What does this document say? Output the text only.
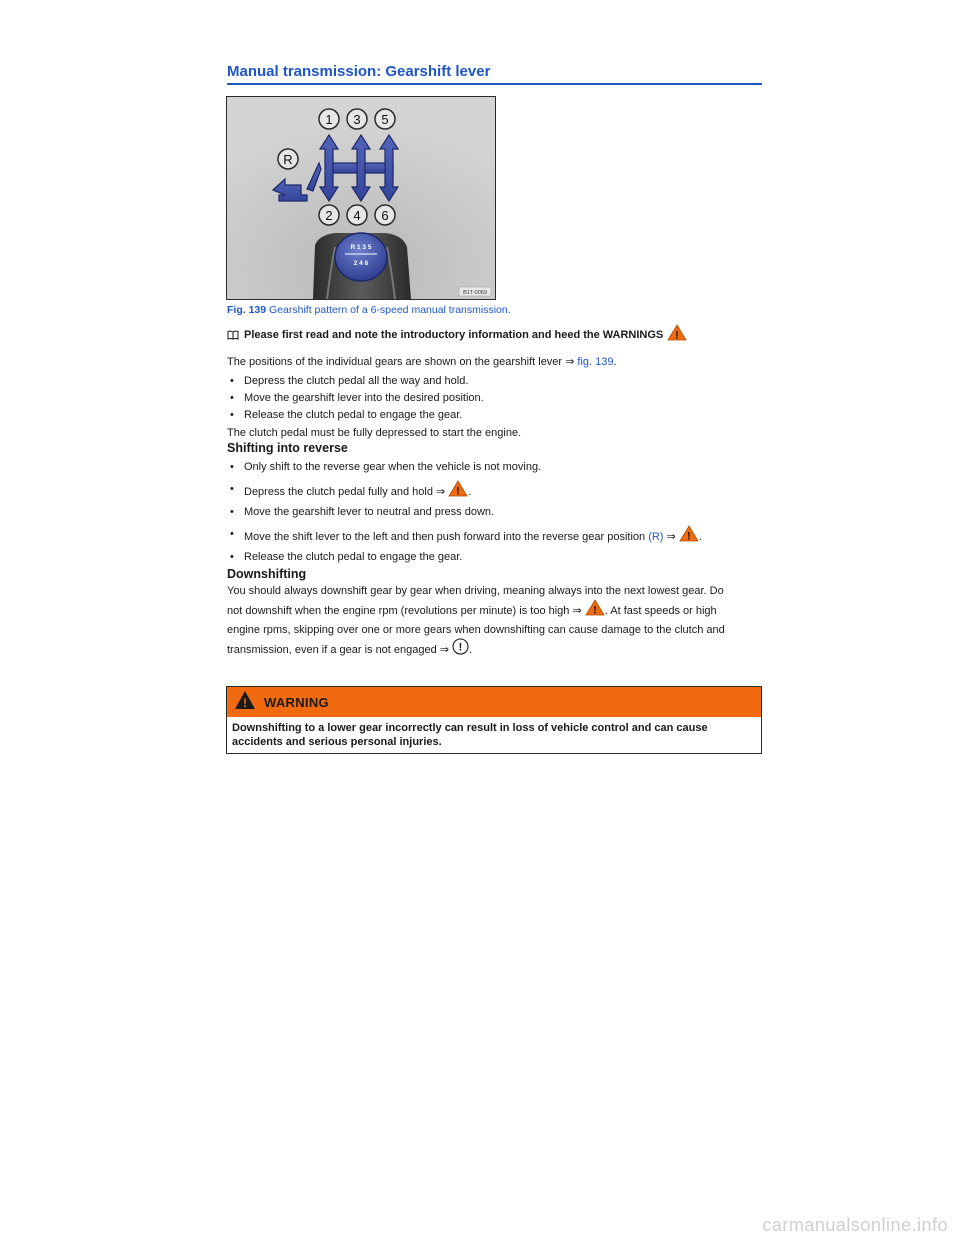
Manual transmission: Gearshift lever
R 1 3 5
2 4 6
1 3 5
2 4 6
R
B1T-0059
Fig. 139 Gearshift pattern of a 6-speed manual transmission.

Please first read and note the introductory information and heed the WARNINGS !

The positions of the individual gears are shown on the gearshift lever ⇒ fig. 139.

• Depress the clutch pedal all the way and hold.
• Move the gearshift lever into the desired position.
• Release the clutch pedal to engage the gear.

The clutch pedal must be fully depressed to start the engine.

Shifting into reverse

• Only shift to the reverse gear when the vehicle is not moving.
• Depress the clutch pedal fully and hold ⇒ ! .
• Move the gearshift lever to neutral and press down.
• Move the shift lever to the left and then push forward into the reverse gear position (R) ⇒ ! .
• Release the clutch pedal to engage the gear.

Downshifting

You should always downshift gear by gear when driving, meaning always into the next lowest gear. Do
not downshift when the engine rpm (revolutions per minute) is too high ⇒ ! . At fast speeds or high
engine rpms, skipping over one or more gears when downshifting can cause damage to the clutch and
transmission, even if a gear is not engaged ⇒ ! .
! WARNING
Downshifting to a lower gear incorrectly can result in loss of vehicle control and can cause accidents and serious personal injuries.
carmanualsonline.info
